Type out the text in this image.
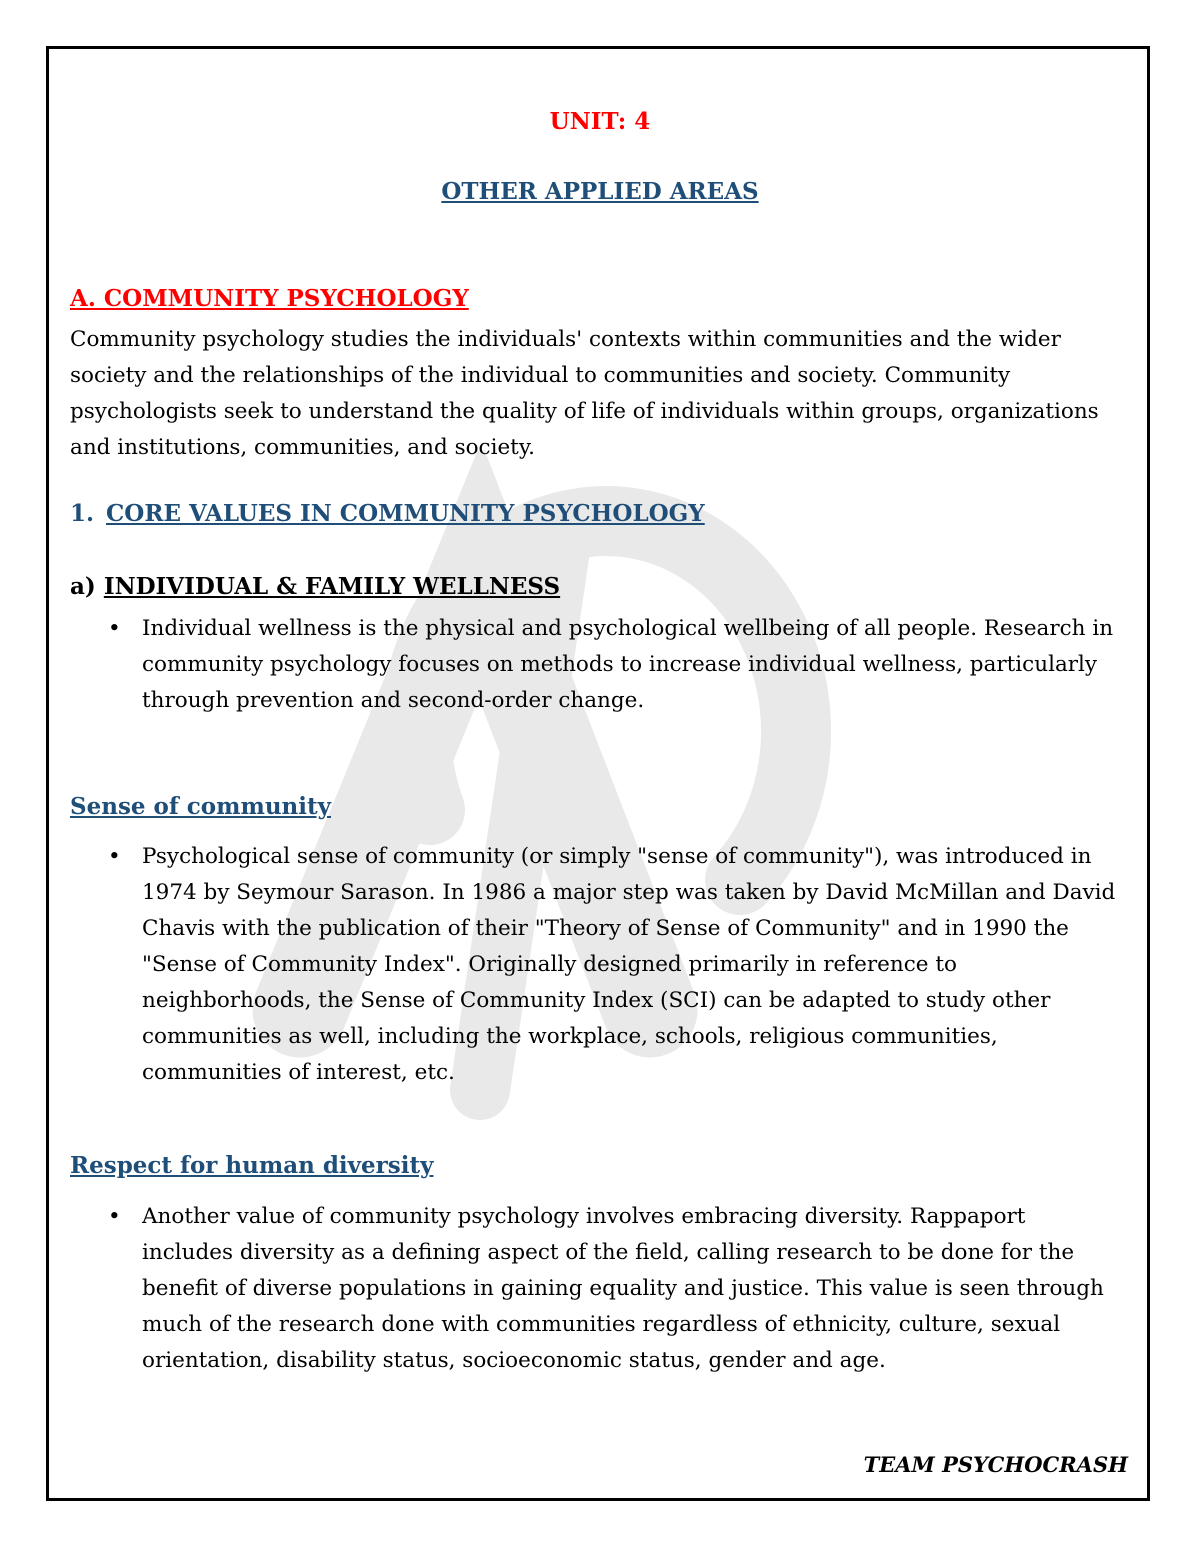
UNIT: 4
OTHER APPLIED AREAS
A. COMMUNITY PSYCHOLOGY

Community psychology studies the individuals' contexts within communities and the wider society and the relationships of the individual to communities and society. Community psychologists seek to understand the quality of life of individuals within groups, organizations and institutions, communities, and society.

1. CORE VALUES IN COMMUNITY PSYCHOLOGY
a) INDIVIDUAL & FAMILY WELLNESS
• Individual wellness is the physical and psychological wellbeing of all people. Research in community psychology focuses on methods to increase individual wellness, particularly through prevention and second-order change.
Sense of community
• Psychological sense of community (or simply "sense of community"), was introduced in 1974 by Seymour Sarason. In 1986 a major step was taken by David McMillan and David Chavis with the publication of their "Theory of Sense of Community" and in 1990 the "Sense of Community Index". Originally designed primarily in reference to neighborhoods, the Sense of Community Index (SCI) can be adapted to study other communities as well, including the workplace, schools, religious communities, communities of interest, etc.
Respect for human diversity
• Another value of community psychology involves embracing diversity. Rappaport includes diversity as a defining aspect of the field, calling research to be done for the benefit of diverse populations in gaining equality and justice. This value is seen through much of the research done with communities regardless of ethnicity, culture, sexual orientation, disability status, socioeconomic status, gender and age.
TEAM PSYCHOCRASH
